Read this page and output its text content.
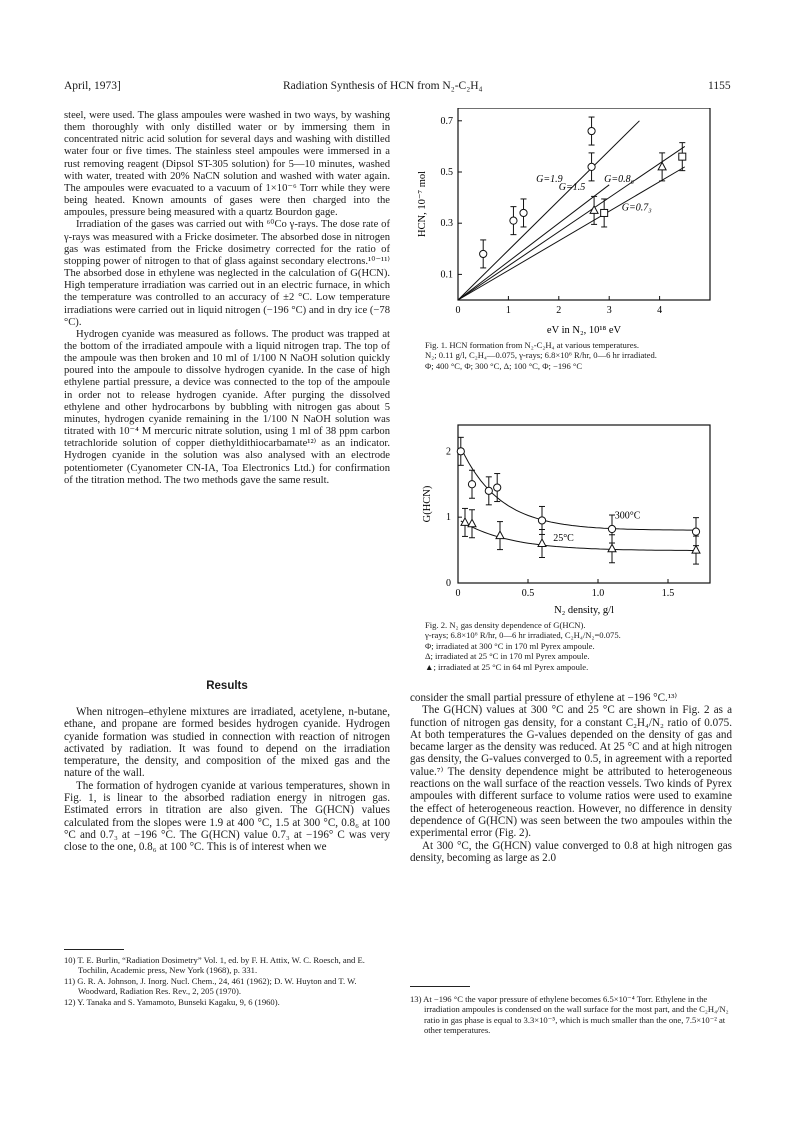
April, 1973]	Radiation Synthesis of HCN from N₂-C₂H₄	1155

steel, were used. The glass ampoules were washed in two ways, by washing them thoroughly with only distilled water or by immersing them in concentrated nitric acid solution for several days and washing with distilled water four or five times. The stainless steel ampoules were immersed in a rust removing reagent (Dipsol ST-305 solution) for 5—10 minutes, washed with water, treated with 20% NaCN solution and washed with water again. The ampoules were evacuated to a vacuum of 1×10⁻⁶ Torr while they were being heated. Known amounts of gases were then charged into the ampoules, pressure being measured with a quartz Bourdon gage.

Irradiation of the gases was carried out with ⁶⁰Co γ-rays. The dose rate of γ-rays was measured with a Fricke dosimeter. The absorbed dose in nitrogen gas was estimated from the Fricke dosimetry corrected for the ratio of stopping power of nitrogen to that of glass against secondary electrons.¹⁰⁻¹¹⁾ The absorbed dose in ethylene was neglected in the calculation of G(HCN). High temperature irradiation was carried out in an electric furnace, in which the temperature was controlled to an accuracy of ±2 °C. Low temperature irradiations were carried out in liquid nitrogen (−196 °C) and in dry ice (−78 °C).

Hydrogen cyanide was measured as follows. The product was trapped at the bottom of the irradiated ampoule with a liquid nitrogen trap. The top of the ampoule was then broken and 10 ml of 1/100 N NaOH solution quickly poured into the ampoule to dissolve hydrogen cyanide. In the case of high ethylene partial pressure, a device was connected to the top of the ampoule in order not to release hydrogen cyanide. After purging the dissolved ethylene and other hydrocarbons by bubbling with nitrogen gas about 5 minutes, hydrogen cyanide remaining in the 1/100 N NaOH solution was titrated with 10⁻⁴ M mercuric nitrate solution, using 1 ml of 38 ppm carbon tetrachloride solution of copper diethyldithiocarbamate¹²⁾ as an indicator. Hydrogen cyanide in the solution was also analysed with an electrode potentiometer (Cyanometer CN-IA, Toa Electronics Ltd.) for confirmation of the titration method. The two methods gave the same result.

Results

When nitrogen–ethylene mixtures are irradiated, acetylene, n-butane, ethane, and propane are formed besides hydrogen cyanide. Hydrogen cyanide formation was studied in connection with reaction of nitrogen activated by radiation. It was found to depend on the irradiation temperature, the density, and composition of the mixed gas and the nature of the wall.

The formation of hydrogen cyanide at various temperatures, shown in Fig. 1, is linear to the absorbed radiation energy in nitrogen gas. Estimated errors in titration are also given. The G(HCN) values calculated from the slopes were 1.9 at 400 °C, 1.5 at 300 °C, 0.8₆ at 100 °C and 0.7₃ at −196 °C. The G(HCN) value 0.7₃ at −196° C was very close to the one, 0.8₆ at 100 °C. This is of interest when we

10) T. E. Burlin, “Radiation Dosimetry” Vol. 1, ed. by F. H. Attix, W. C. Roesch, and E. Tochilin, Academic press, New York (1968), p. 331.

11) G. R. A. Johnson, J. Inorg. Nucl. Chem., 24, 461 (1962); D. W. Huyton and T. W. Woodward, Radiation Res. Rev., 2, 205 (1970).

12) Y. Tanaka and S. Yamamoto, Bunseki Kagaku, 9, 6 (1960).

0	1	2	3	4
0.1
0.3
0.5
0.7
eV in N₂, 10¹⁸ eV
HCN, 10⁻⁷ mol	G=1.9
G=1.5
G=0.8₆
G=0.7₃

Fig. 1. HCN formation from N₂-C₂H₄ at various temperatures.

N₂; 0.11 g/l, C₂H₄—0.075, γ-rays; 6.8×10⁶ R/hr, 0—6 hr irradiated.

Φ; 400 °C, Φ; 300 °C, Δ; 100 °C, Φ; −196 °C

0	0.5	1.0	1.5
0
1
2
N₂ density, g/l
G(HCN)	300°C
25°C

Fig. 2. N₂ gas density dependence of G(HCN).

γ-rays; 6.8×10⁶ R/hr, 0—6 hr irradiated, C₂H₄/N₂=0.075.

Φ; irradiated at 300 °C in 170 ml Pyrex ampoule.

Δ; irradiated at 25 °C in 170 ml Pyrex ampoule.

▲; irradiated at 25 °C in 64 ml Pyrex ampoule.

consider the small partial pressure of ethylene at −196 °C.¹³⁾

The G(HCN) values at 300 °C and 25 °C are shown in Fig. 2 as a function of nitrogen gas density, for a constant C₂H₄/N₂ ratio of 0.075. At both temperatures the G-values depended on the density of gas and became larger as the density was reduced. At 25 °C and at high nitrogen gas density, the G-values converged to 0.5, in agreement with a reported value.⁷⁾ The density dependence might be attributed to heterogeneous reactions on the wall surface of the reaction vessels. Two kinds of Pyrex ampoules with different surface to volume ratios were used to examine the effect of heterogeneous reaction. However, no difference in density dependence of G(HCN) was seen between the two ampoules within the experimental error (Fig. 2).

At 300 °C, the G(HCN) value converged to 0.8 at high nitrogen gas density, becoming as large as 2.0

13) At −196 °C the vapor pressure of ethylene becomes 6.5×10⁻⁴ Torr. Ethylene in the irradiation ampoules is condensed on the wall surface for the most part, and the C₂H₄/N₂ ratio in gas phase is equal to 3.3×10⁻⁵, which is much smaller than the one, 7.5×10⁻² at other temperatures.
